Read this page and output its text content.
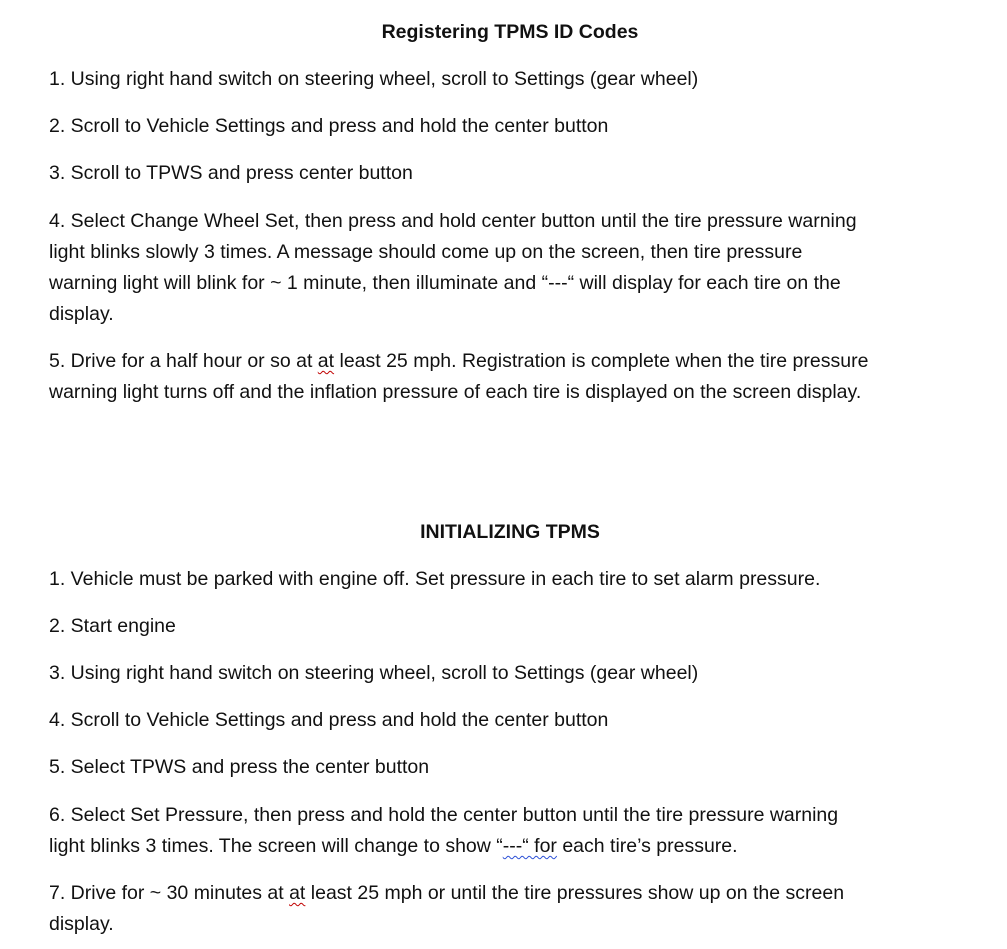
Registering TPMS ID Codes
1. Using right hand switch on steering wheel, scroll to Settings (gear wheel)
2. Scroll to Vehicle Settings and press and hold the center button
3. Scroll to TPWS and press center button
4. Select Change Wheel Set, then press and hold center button until the tire pressure warning
light blinks slowly 3 times. A message should come up on the screen, then tire pressure
warning light will blink for ~ 1 minute, then illuminate and “---“ will display for each tire on the
display.
5. Drive for a half hour or so at at least 25 mph. Registration is complete when the tire pressure
warning light turns off and the inflation pressure of each tire is displayed on the screen display.
INITIALIZING TPMS
1. Vehicle must be parked with engine off. Set pressure in each tire to set alarm pressure.
2. Start engine
3. Using right hand switch on steering wheel, scroll to Settings (gear wheel)
4. Scroll to Vehicle Settings and press and hold the center button
5. Select TPWS and press the center button
6. Select Set Pressure, then press and hold the center button until the tire pressure warning
light blinks 3 times. The screen will change to show “---“ for each tire’s pressure.
7. Drive for ~ 30 minutes at at least 25 mph or until the tire pressures show up on the screen
display.
